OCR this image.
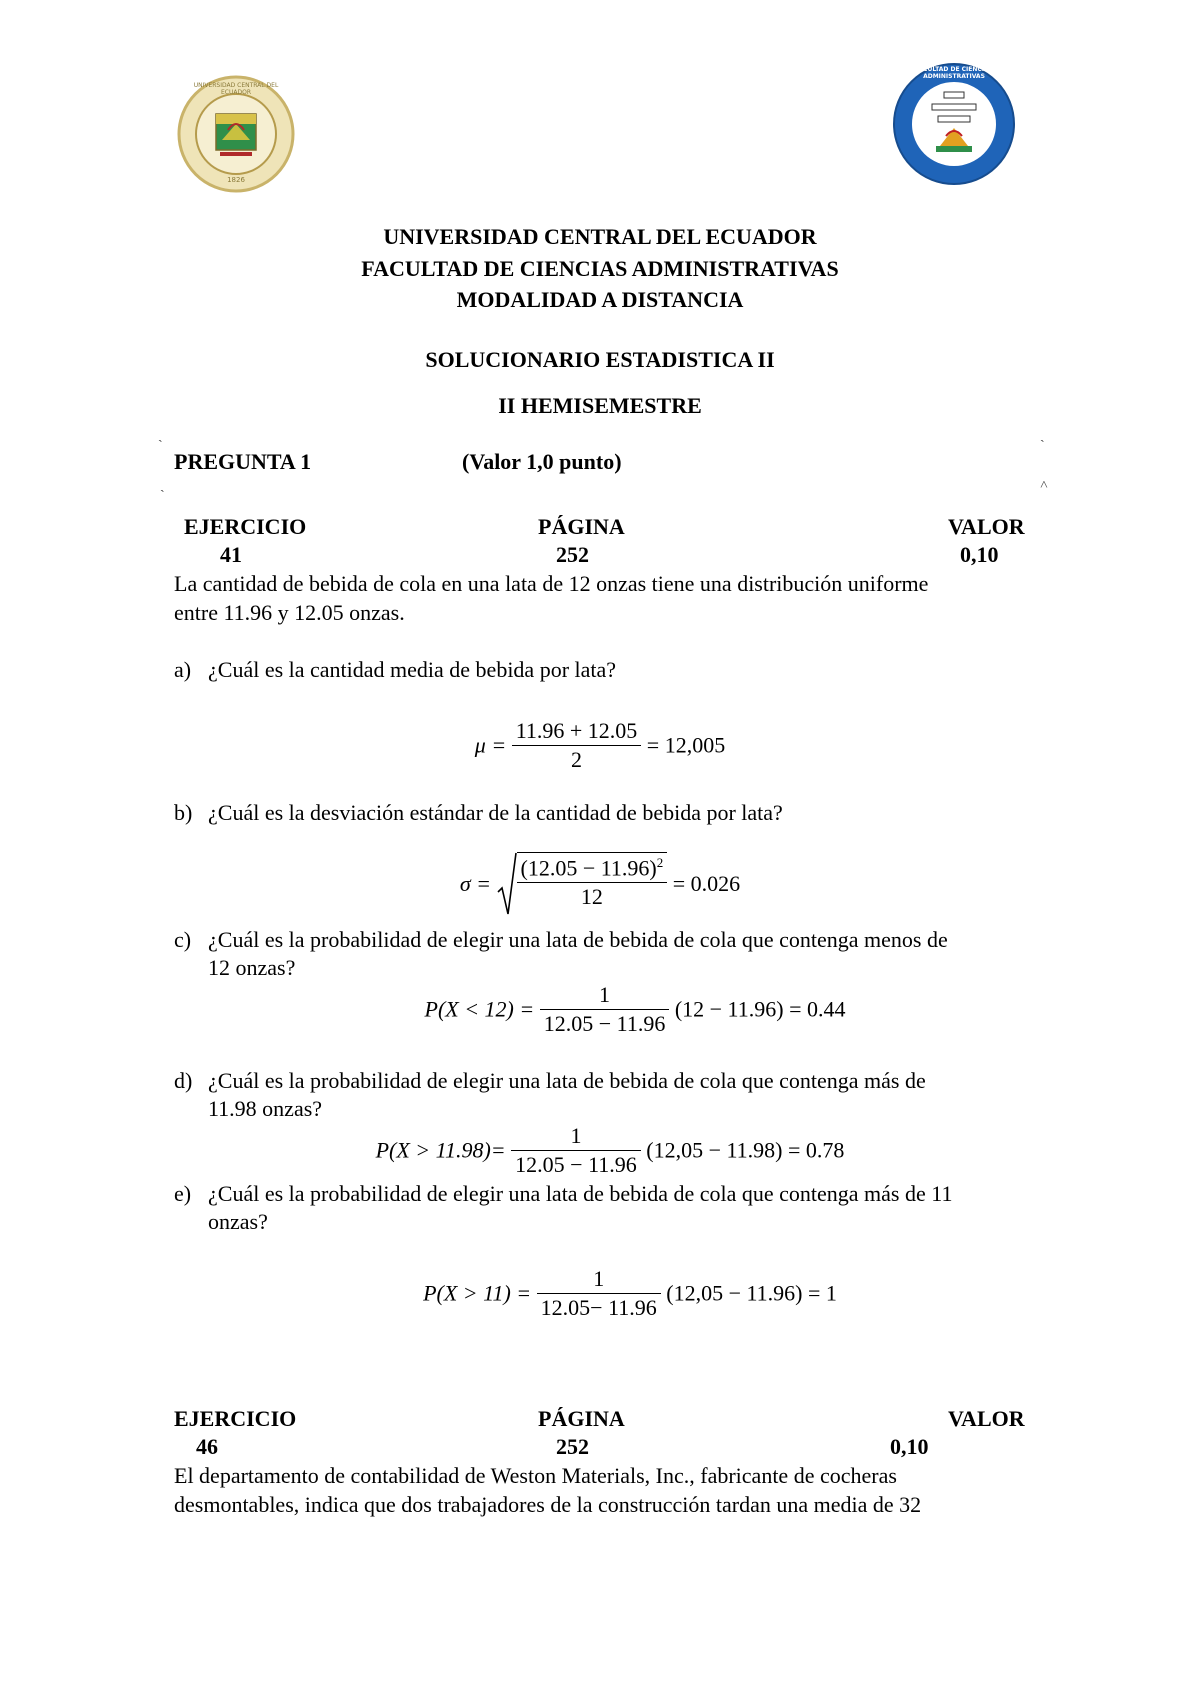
UNIVERSIDAD CENTRAL DEL ECUADOR
1826
FACULTAD DE CIENCIAS ADMINISTRATIVAS
UNIVERSIDAD CENTRAL DEL ECUADOR
FACULTAD DE CIENCIAS ADMINISTRATIVAS
MODALIDAD A DISTANCIA
SOLUCIONARIO ESTADISTICA II
II HEMISEMESTRE
ˏ	ˏ
ˏ	˄
PREGUNTA 1	(Valor 1,0 punto)
EJERCICIO	PÁGINA	VALOR
41	252	0,10
La cantidad de bebida de cola en una lata de 12 onzas tiene una distribución uniforme
entre 11.96 y 12.05 onzas.
a) ¿Cuál es la cantidad media de bebida por lata?
$\mu = \frac{11.96 + 12.05}{2} = 12,005$
b) ¿Cuál es la desviación estándar de la cantidad de bebida por lata?
$\sigma = \frac{(12.05 - 11.96)^2}{12} = 0.026$
c) ¿Cuál es la probabilidad de elegir una lata de bebida de cola que contenga menos de
12 onzas?
$P(X < 12) = \frac{1}{12.05 - 11.96} (12 - 11.96) = 0.44$
d) ¿Cuál es la probabilidad de elegir una lata de bebida de cola que contenga más de
11.98 onzas?
$P(X > 11.98)= \frac{1}{12.05 - 11.96} (12,05 - 11.98) = 0.78$
e) ¿Cuál es la probabilidad de elegir una lata de bebida de cola que contenga más de 11
onzas?
$P(X > 11) = \frac{1}{12.05- 11.96} (12,05 - 11.96) = 1$
EJERCICIO	PÁGINA	VALOR
46	252	0,10
El departamento de contabilidad de Weston Materials, Inc., fabricante de cocheras
desmontables, indica que dos trabajadores de la construcción tardan una media de 32
